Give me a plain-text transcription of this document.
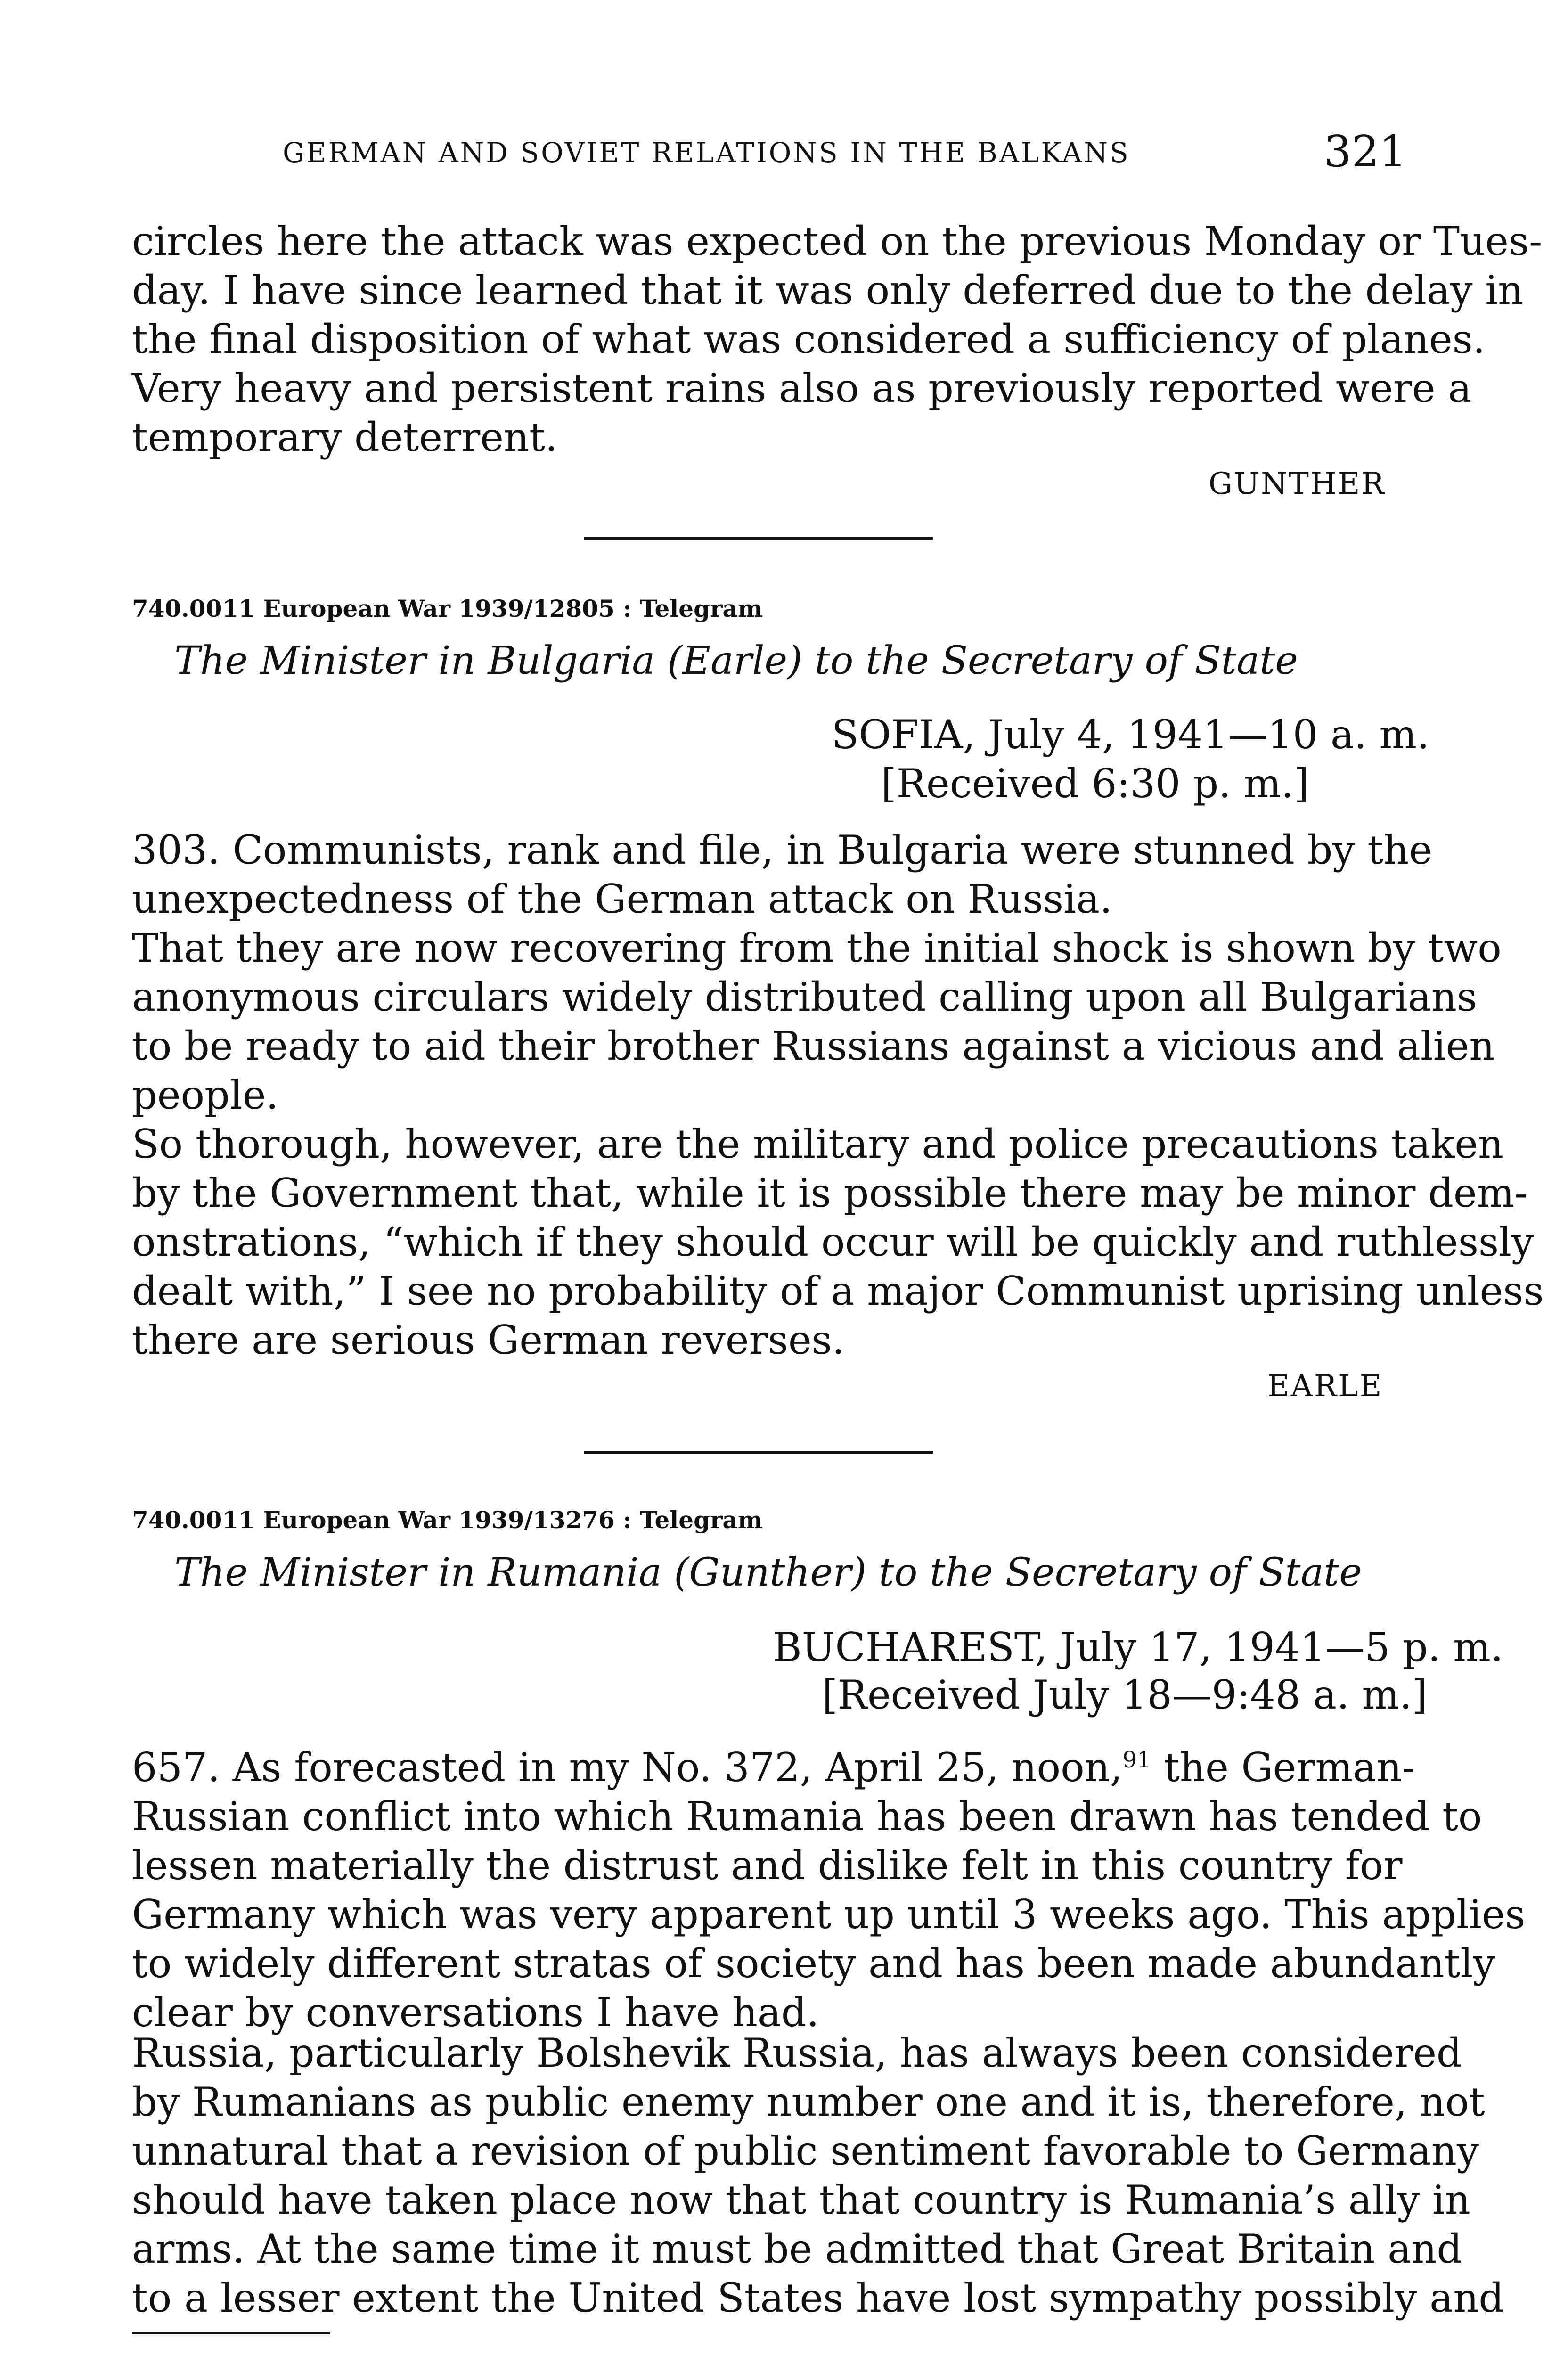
GERMAN AND SOVIET RELATIONS IN THE BALKANS	321
circles here the attack was expected on the previous Monday or Tues-
day. I have since learned that it was only deferred due to the delay in
the final disposition of what was considered a sufficiency of planes.
Very heavy and persistent rains also as previously reported were a
temporary deterrent.
GUNTHER
740.0011 European War 1939/12805 : Telegram
The Minister in Bulgaria (Earle) to the Secretary of State
SOFIA, July 4, 1941—10 a. m.
[Received 6:30 p. m.]
303. Communists, rank and file, in Bulgaria were stunned by the
unexpectedness of the German attack on Russia.
That they are now recovering from the initial shock is shown by two
anonymous circulars widely distributed calling upon all Bulgarians
to be ready to aid their brother Russians against a vicious and alien
people.
So thorough, however, are the military and police precautions taken
by the Government that, while it is possible there may be minor dem-
onstrations, “which if they should occur will be quickly and ruthlessly
dealt with,” I see no probability of a major Communist uprising unless
there are serious German reverses.
EARLE
740.0011 European War 1939/13276 : Telegram
The Minister in Rumania (Gunther) to the Secretary of State
BUCHAREST, July 17, 1941—5 p. m.
[Received July 18—9:48 a. m.]
657. As forecasted in my No. 372, April 25, noon,$^{91}$ the German-
Russian conflict into which Rumania has been drawn has tended to
lessen materially the distrust and dislike felt in this country for
Germany which was very apparent up until 3 weeks ago. This applies
to widely different stratas of society and has been made abundantly
clear by conversations I have had.
Russia, particularly Bolshevik Russia, has always been considered
by Rumanians as public enemy number one and it is, therefore, not
unnatural that a revision of public sentiment favorable to Germany
should have taken place now that that country is Rumania’s ally in
arms. At the same time it must be admitted that Great Britain and
to a lesser extent the United States have lost sympathy possibly and
